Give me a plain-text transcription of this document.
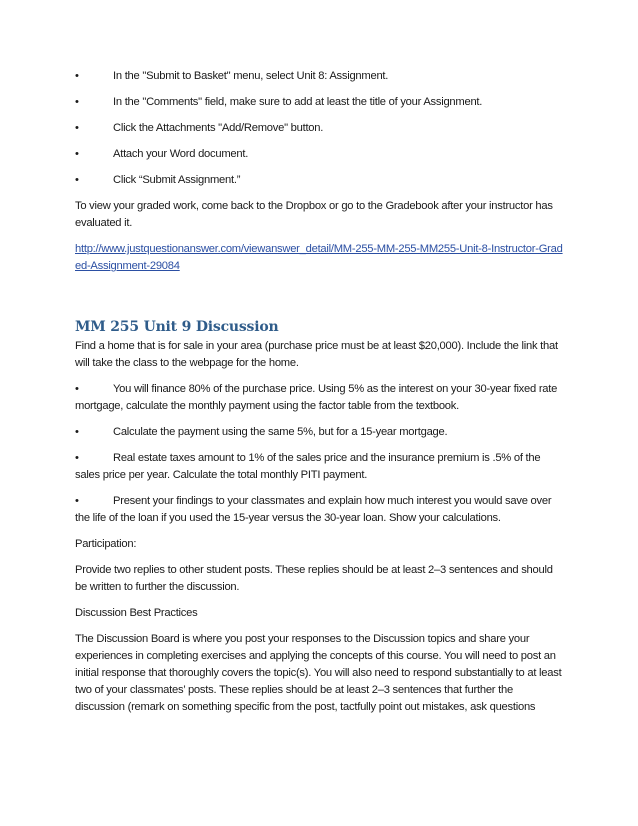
•	In the "Submit to Basket" menu, select Unit 8: Assignment.
•	In the "Comments" field, make sure to add at least the title of your Assignment.
•	Click the Attachments "Add/Remove" button.
•	Attach your Word document.
•	Click “Submit Assignment.”

To view your graded work, come back to the Dropbox or go to the Gradebook after your instructor has evaluated it.

http://www.justquestionanswer.com/viewanswer_detail/MM-255-MM-255-MM255-Unit-8-Instructor-Graded-Assignment-29084

MM 255 Unit 9 Discussion

Find a home that is for sale in your area (purchase price must be at least $20,000). Include the link that will take the class to the webpage for the home.

•	You will finance 80% of the purchase price. Using 5% as the interest on your 30-year fixed rate mortgage, calculate the monthly payment using the factor table from the textbook.

•	Calculate the payment using the same 5%, but for a 15-year mortgage.

•	Real estate taxes amount to 1% of the sales price and the insurance premium is .5% of the sales price per year. Calculate the total monthly PITI payment.

•	Present your findings to your classmates and explain how much interest you would save over the life of the loan if you used the 15-year versus the 30-year loan. Show your calculations.

Participation:

Provide two replies to other student posts. These replies should be at least 2–3 sentences and should be written to further the discussion.

Discussion Best Practices

The Discussion Board is where you post your responses to the Discussion topics and share your experiences in completing exercises and applying the concepts of this course. You will need to post an initial response that thoroughly covers the topic(s). You will also need to respond substantially to at least two of your classmates’ posts. These replies should be at least 2–3 sentences that further the discussion (remark on something specific from the post, tactfully point out mistakes, ask questions
